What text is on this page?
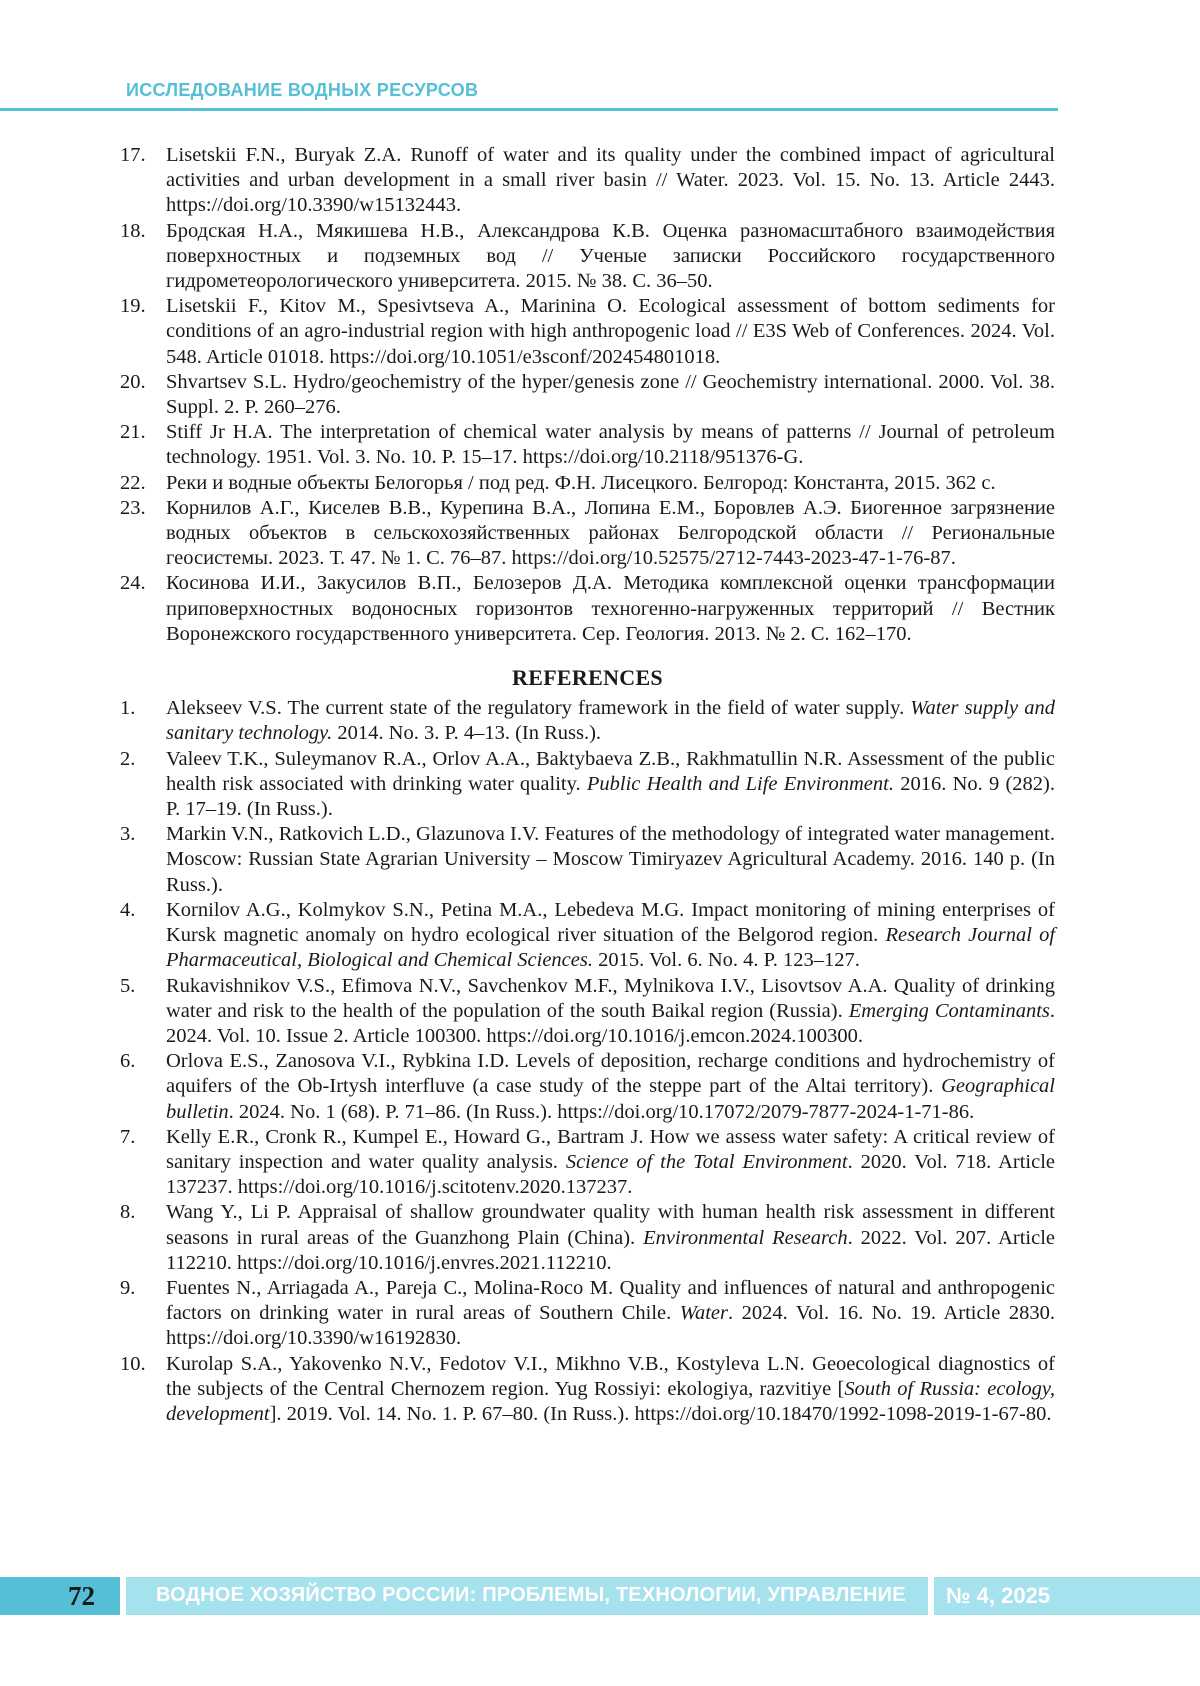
ИССЛЕДОВАНИЕ ВОДНЫХ РЕСУРСОВ
17. Lisetskii F.N., Buryak Z.A. Runoff of water and its quality under the combined impact of agricultural activities and urban development in a small river basin // Water. 2023. Vol. 15. No. 13. Article 2443. https://doi.org/10.3390/w15132443.
18. Бродская Н.А., Мякишева Н.В., Александрова К.В. Оценка разномасштабного взаимодействия поверхностных и подземных вод // Ученые записки Российского государственного гидрометеорологического университета. 2015. № 38. С. 36–50.
19. Lisetskii F., Kitov M., Spesivtseva A., Marinina O. Ecological assessment of bottom sediments for conditions of an agro-industrial region with high anthropogenic load // E3S Web of Conferences. 2024. Vol. 548. Article 01018. https://doi.org/10.1051/e3sconf/202454801018.
20. Shvartsev S.L. Hydro/geochemistry of the hyper/genesis zone // Geochemistry international. 2000. Vol. 38. Suppl. 2. P. 260–276.
21. Stiff Jr H.A. The interpretation of chemical water analysis by means of patterns // Journal of petroleum technology. 1951. Vol. 3. No. 10. P. 15–17. https://doi.org/10.2118/951376-G.
22. Реки и водные объекты Белогорья / под ред. Ф.Н. Лисецкого. Белгород: Константа, 2015. 362 с.
23. Корнилов А.Г., Киселев В.В., Курепина В.А., Лопина Е.М., Боровлев А.Э. Биогенное загрязнение водных объектов в сельскохозяйственных районах Белгородской области // Региональные геосистемы. 2023. Т. 47. № 1. С. 76–87. https://doi.org/10.52575/2712-7443-2023-47-1-76-87.
24. Косинова И.И., Закусилов В.П., Белозеров Д.А. Методика комплексной оценки трансформации приповерхностных водоносных горизонтов техногенно-нагруженных территорий // Вестник Воронежского государственного университета. Сер. Геология. 2013. № 2. С. 162–170.
REFERENCES
1.	Alekseev V.S. The current state of the regulatory framework in the field of water supply. Water supply and sanitary technology. 2014. No. 3. P. 4–13. (In Russ.).
2.	Valeev T.K., Suleymanov R.A., Orlov A.A., Baktybaeva Z.B., Rakhmatullin N.R. Assessment of the public health risk associated with drinking water quality. Public Health and Life Environment. 2016. No. 9 (282). P. 17–19. (In Russ.).
3.	Markin V.N., Ratkovich L.D., Glazunova I.V. Features of the methodology of integrated water management. Moscow: Russian State Agrarian University – Moscow Timiryazev Agricultural Academy. 2016. 140 p. (In Russ.).
4.	Kornilov A.G., Kolmykov S.N., Petina M.A., Lebedeva M.G. Impact monitoring of mining enterprises of Kursk magnetic anomaly on hydro ecological river situation of the Belgorod region. Research Journal of Pharmaceutical, Biological and Chemical Sciences. 2015. Vol. 6. No. 4. P. 123–127.
5.	Rukavishnikov V.S., Efimova N.V., Savchenkov M.F., Mylnikova I.V., Lisovtsov A.A. Quality of drinking water and risk to the health of the population of the south Baikal region (Russia). Emerging Contaminants. 2024. Vol. 10. Issue 2. Article 100300. https://doi.org/10.1016/j.emcon.2024.100300.
6.	Orlova E.S., Zanosova V.I., Rybkina I.D. Levels of deposition, recharge conditions and hydrochemistry of aquifers of the Ob-Irtysh interfluve (a case study of the steppe part of the Altai territory). Geographical bulletin. 2024. No. 1 (68). P. 71–86. (In Russ.). https://doi.org/10.17072/2079-7877-2024-1-71-86.
7.	Kelly E.R., Cronk R., Kumpel E., Howard G., Bartram J. How we assess water safety: A critical review of sanitary inspection and water quality analysis. Science of the Total Environment. 2020. Vol. 718. Article 137237. https://doi.org/10.1016/j.scitotenv.2020.137237.
8.	Wang Y., Li P. Appraisal of shallow groundwater quality with human health risk assessment in different seasons in rural areas of the Guanzhong Plain (China). Environmental Research. 2022. Vol. 207. Article 112210. https://doi.org/10.1016/j.envres.2021.112210.
9.	Fuentes N., Arriagada A., Pareja C., Molina-Roco M. Quality and influences of natural and anthropogenic factors on drinking water in rural areas of Southern Chile. Water. 2024. Vol. 16. No. 19. Article 2830. https://doi.org/10.3390/w16192830.
10. Kurolap S.A., Yakovenko N.V., Fedotov V.I., Mikhno V.B., Kostyleva L.N. Geoecological diagnostics of the subjects of the Central Chernozem region. Yug Rossiyi: ekologiya, razvitiye [South of Russia: ecology, development]. 2019. Vol. 14. No. 1. P. 67–80. (In Russ.). https://doi.org/10.18470/1992-1098-2019-1-67-80.
72	ВОДНОЕ ХОЗЯЙСТВО РОССИИ: ПРОБЛЕМЫ, ТЕХНОЛОГИИ, УПРАВЛЕНИЕ № 4, 2025
